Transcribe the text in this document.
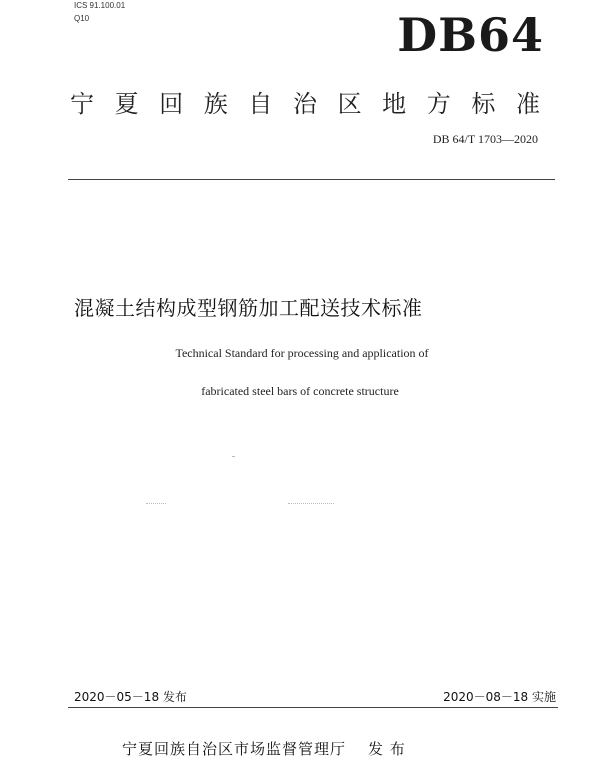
ICS 91.100.01
Q10	DB64
宁 夏 回 族 自 治 区 地 方 标 准
DB 64/T 1703—2020
混凝土结构成型钢筋加工配送技术标准
Technical Standard for processing and application of
fabricated steel bars of concrete structure
2020－05－18 发布	2020－08－18 实施
宁夏回族自治区市场监督管理厅 发 布
